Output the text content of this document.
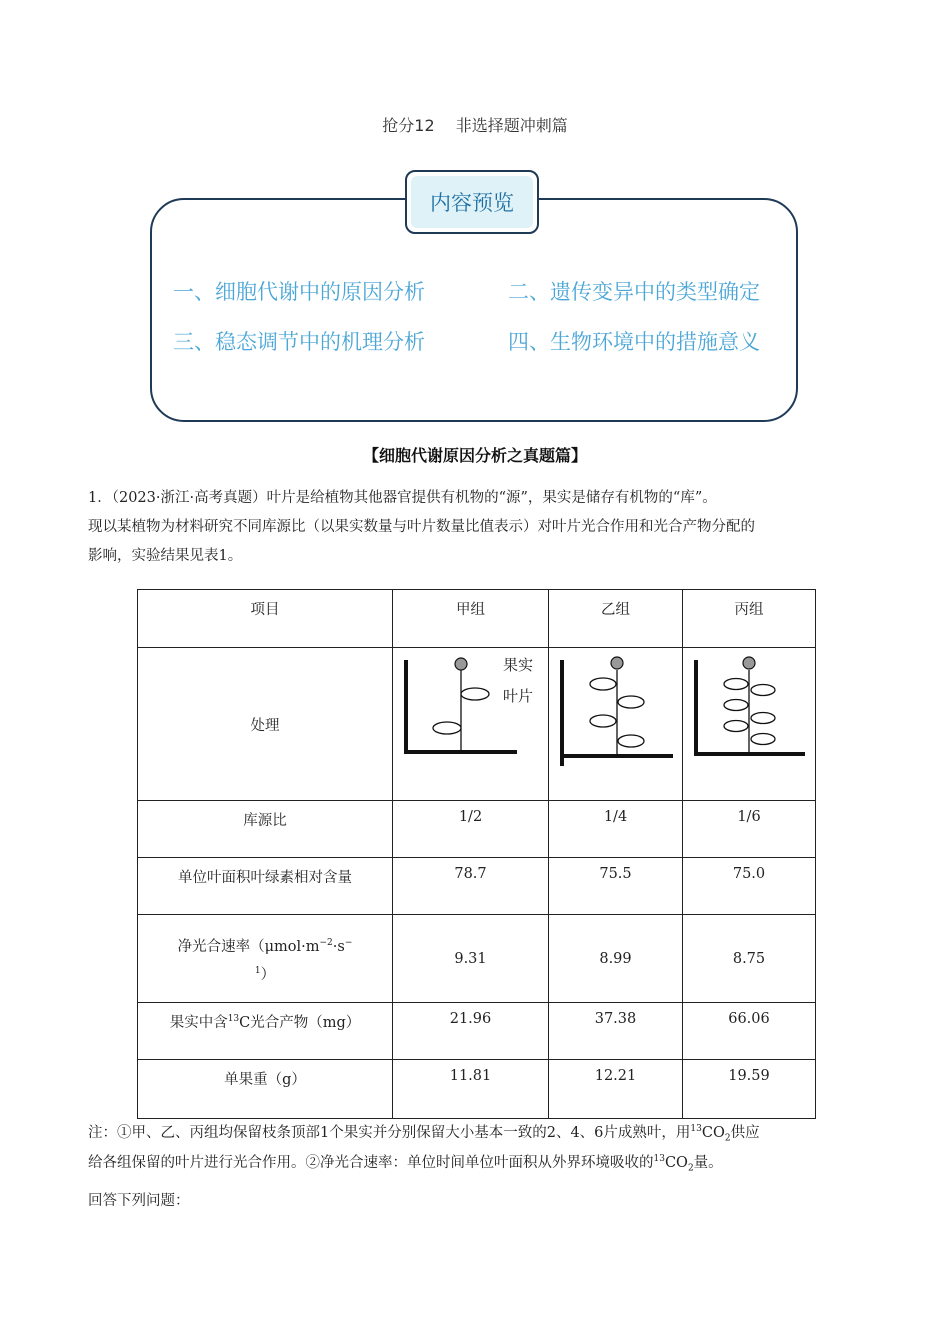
抢分12　 非选择题冲刺篇
内容预览
一、细胞代谢中的原因分析	二、遗传变异中的类型确定
三、稳态调节中的机理分析	四、生物环境中的措施意义
【细胞代谢原因分析之真题篇】
1．（2023·浙江·高考真题）叶片是给植物其他器官提供有机物的“源”，果实是储存有机物的“库”。
现以某植物为材料研究不同库源比（以果实数量与叶片数量比值表示）对叶片光合作用和光合产物分配的
影响，实验结果见表1。
项目	甲组	乙组	丙组
处理	果实
叶片

库源比	1/2	1/4	1/6
单位叶面积叶绿素相对含量	78.7	75.5	75.0
净光合速率（$\mu mol\cdot m^{-2}\cdot s^-$
$^1$）	9.31	8.99	8.75
果实中含$^{13}$C光合产物（mg）	21.96	37.38	66.06
单果重（g）	11.81	12.21	19.59
注：①甲、乙、丙组均保留枝条顶部1个果实并分别保留大小基本一致的2、4、6片成熟叶，用$^{13}CO_2$供应
给各组保留的叶片进行光合作用。②净光合速率：单位时间单位叶面积从外界环境吸收的$^{13}CO_2$量。
回答下列问题：
